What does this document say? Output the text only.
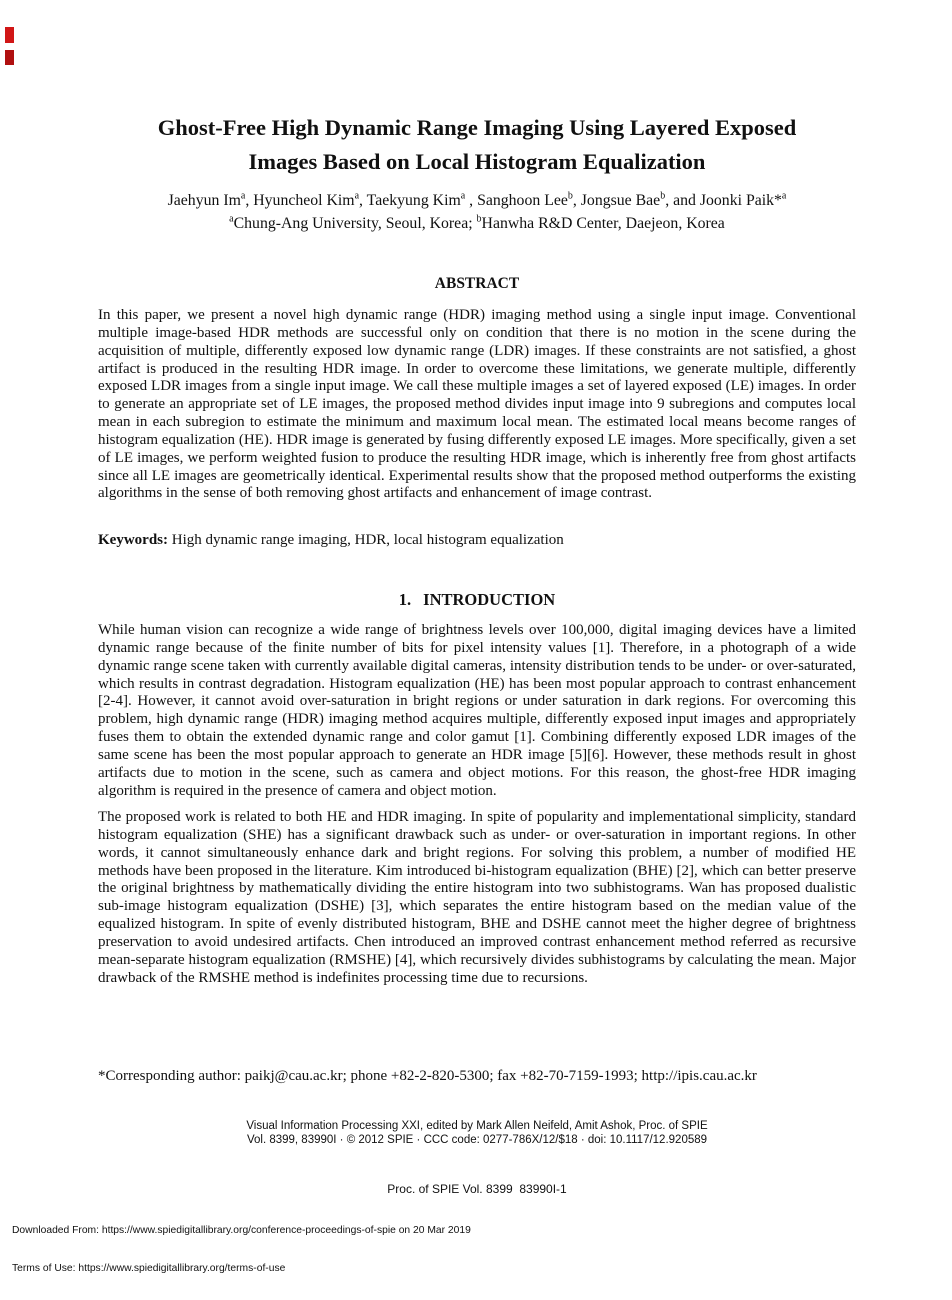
Ghost-Free High Dynamic Range Imaging Using Layered Exposed
Images Based on Local Histogram Equalization
Jaehyun Im$^a$, Hyuncheol Kim$^a$, Taekyung Kim$^a$ , Sanghoon Lee$^b$, Jongsue Bae$^b$, and Joonki Paik*$^a$
$^a$Chung-Ang University, Seoul, Korea; $^b$Hanwha R&D Center, Daejeon, Korea
ABSTRACT

In this paper, we present a novel high dynamic range (HDR) imaging method using a single input image. Conventional multiple image-based HDR methods are successful only on condition that there is no motion in the scene during the acquisition of multiple, differently exposed low dynamic range (LDR) images. If these constraints are not satisfied, a ghost artifact is produced in the resulting HDR image. In order to overcome these limitations, we generate multiple, differently exposed LDR images from a single input image. We call these multiple images a set of layered exposed (LE) images. In order to generate an appropriate set of LE images, the proposed method divides input image into 9 subregions and computes local mean in each subregion to estimate the minimum and maximum local mean. The estimated local means become ranges of histogram equalization (HE). HDR image is generated by fusing differently exposed LE images. More specifically, given a set of LE images, we perform weighted fusion to produce the resulting HDR image, which is inherently free from ghost artifacts since all LE images are geometrically identical. Experimental results show that the proposed method outperforms the existing algorithms in the sense of both removing ghost artifacts and enhancement of image contrast.

Keywords: High dynamic range imaging, HDR, local histogram equalization

1. INTRODUCTION

While human vision can recognize a wide range of brightness levels over 100,000, digital imaging devices have a limited dynamic range because of the finite number of bits for pixel intensity values [1]. Therefore, in a photograph of a wide dynamic range scene taken with currently available digital cameras, intensity distribution tends to be under- or over-saturated, which results in contrast degradation. Histogram equalization (HE) has been most popular approach to contrast enhancement [2-4]. However, it cannot avoid over-saturation in bright regions or under saturation in dark regions. For overcoming this problem, high dynamic range (HDR) imaging method acquires multiple, differently exposed input images and appropriately fuses them to obtain the extended dynamic range and color gamut [1]. Combining differently exposed LDR images of the same scene has been the most popular approach to generate an HDR image [5][6]. However, these methods result in ghost artifacts due to motion in the scene, such as camera and object motions. For this reason, the ghost-free HDR imaging algorithm is required in the presence of camera and object motion.

The proposed work is related to both HE and HDR imaging. In spite of popularity and implementational simplicity, standard histogram equalization (SHE) has a significant drawback such as under- or over-saturation in important regions. In other words, it cannot simultaneously enhance dark and bright regions. For solving this problem, a number of modified HE methods have been proposed in the literature. Kim introduced bi-histogram equalization (BHE) [2], which can better preserve the original brightness by mathematically dividing the entire histogram into two subhistograms. Wan has proposed dualistic sub-image histogram equalization (DSHE) [3], which separates the entire histogram based on the median value of the equalized histogram. In spite of evenly distributed histogram, BHE and DSHE cannot meet the higher degree of brightness preservation to avoid undesired artifacts. Chen introduced an improved contrast enhancement method referred as recursive mean-separate histogram equalization (RMSHE) [4], which recursively divides subhistograms by calculating the mean. Major drawback of the RMSHE method is indefinites processing time due to recursions.

*Corresponding author: paikj@cau.ac.kr; phone +82-2-820-5300; fax +82-70-7159-1993; http://ipis.cau.ac.kr

Visual Information Processing XXI, edited by Mark Allen Neifeld, Amit Ashok, Proc. of SPIE
Vol. 8399, 83990I · © 2012 SPIE · CCC code: 0277-786X/12/$18 · doi: 10.1117/12.920589
Proc. of SPIE Vol. 8399  83990I-1

Downloaded From: https://www.spiedigitallibrary.org/conference-proceedings-of-spie on 20 Mar 2019

Terms of Use: https://www.spiedigitallibrary.org/terms-of-use
